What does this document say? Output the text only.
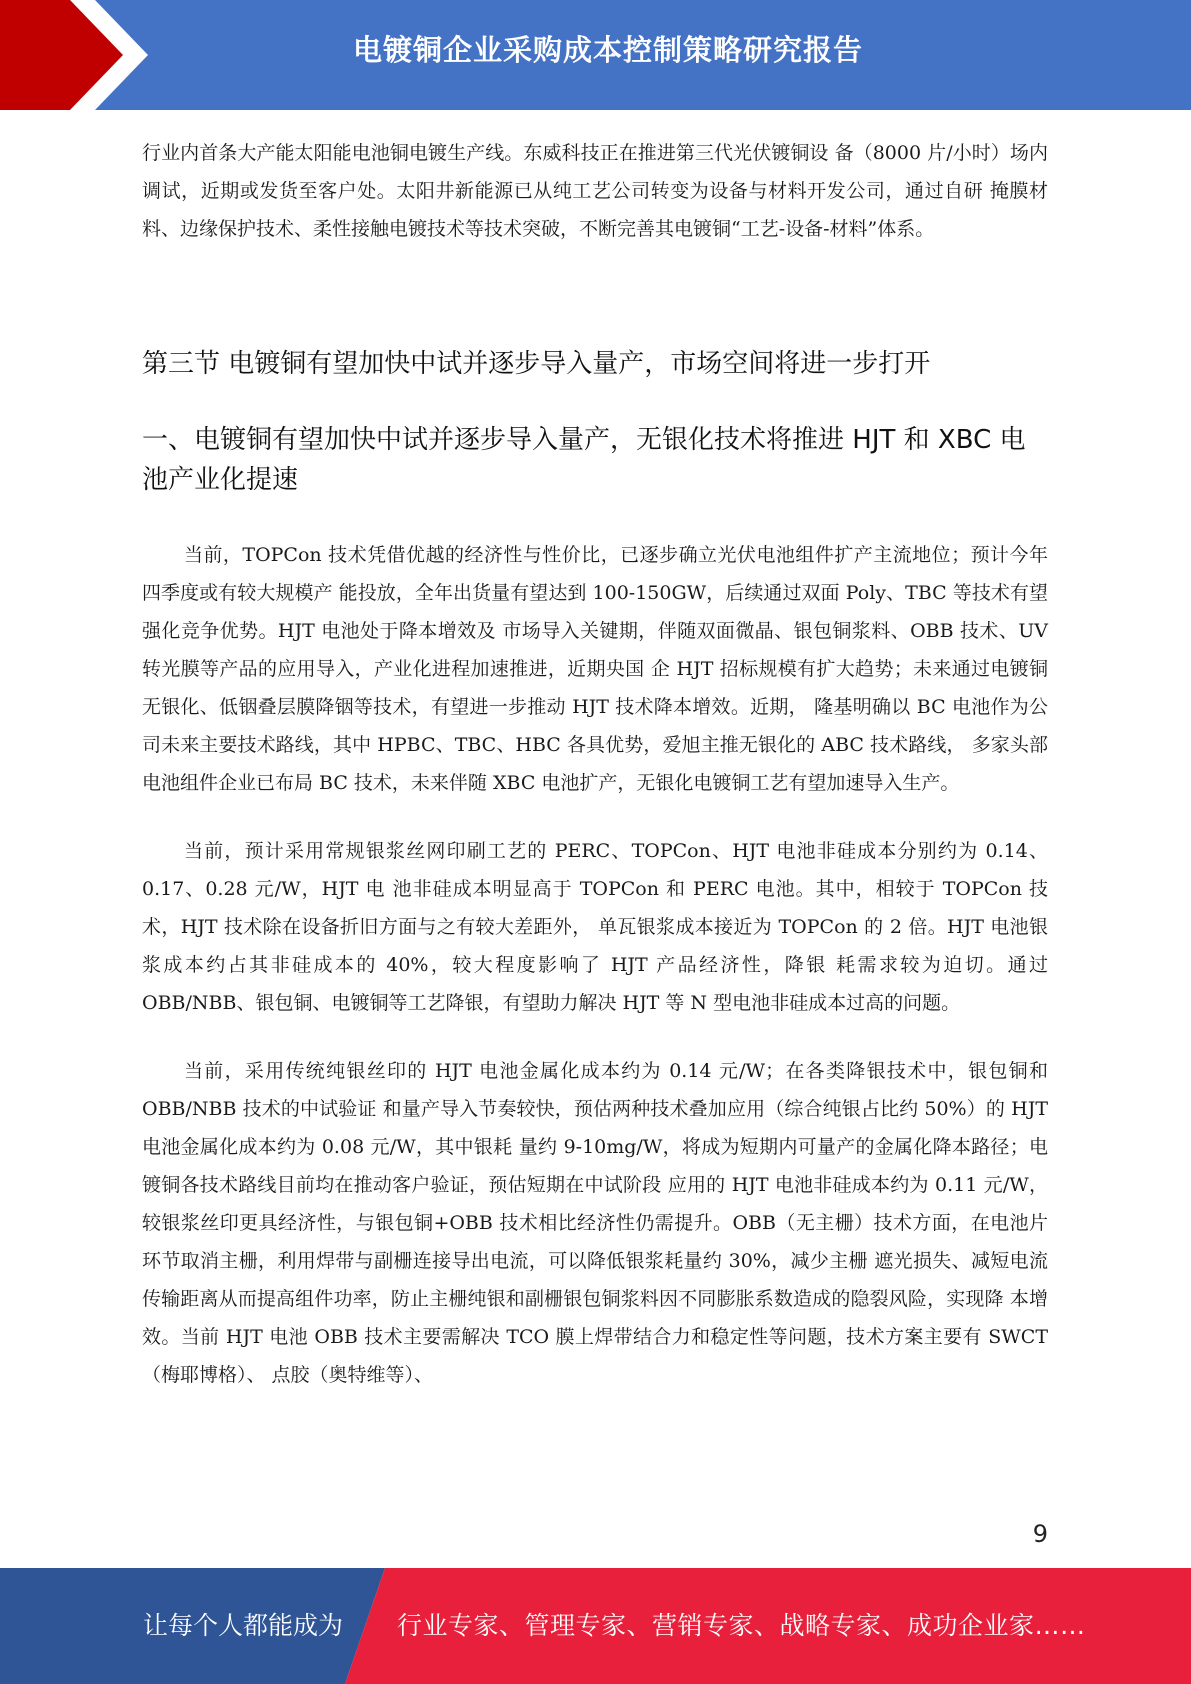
电镀铜企业采购成本控制策略研究报告

行业内首条大产能太阳能电池铜电镀生产线。东威科技正在推进第三代光伏镀铜设 备（8000 片/小时）场内调试，近期或发货至客户处。太阳井新能源已从纯工艺公司转变为设备与材料开发公司，通过自研 掩膜材料、边缘保护技术、柔性接触电镀技术等技术突破，不断完善其电镀铜“工艺-设备-材料”体系。

第三节 电镀铜有望加快中试并逐步导入量产，市场空间将进一步打开
一、电镀铜有望加快中试并逐步导入量产，无银化技术将推进 HJT 和 XBC 电池产业化提速

当前，TOPCon 技术凭借优越的经济性与性价比，已逐步确立光伏电池组件扩产主流地位；预计今年四季度或有较大规模产 能投放，全年出货量有望达到 100-150GW，后续通过双面 Poly、TBC 等技术有望强化竞争优势。HJT 电池处于降本增效及 市场导入关键期，伴随双面微晶、银包铜浆料、OBB 技术、UV 转光膜等产品的应用导入，产业化进程加速推进，近期央国 企 HJT 招标规模有扩大趋势；未来通过电镀铜无银化、低铟叠层膜降铟等技术，有望进一步推动 HJT 技术降本增效。近期， 隆基明确以 BC 电池作为公司未来主要技术路线，其中 HPBC、TBC、HBC 各具优势，爱旭主推无银化的 ABC 技术路线， 多家头部电池组件企业已布局 BC 技术，未来伴随 XBC 电池扩产，无银化电镀铜工艺有望加速导入生产。

当前，预计采用常规银浆丝网印刷工艺的 PERC、TOPCon、HJT 电池非硅成本分别约为 0.14、0.17、0.28 元/W，HJT 电 池非硅成本明显高于 TOPCon 和 PERC 电池。其中，相较于 TOPCon 技术，HJT 技术除在设备折旧方面与之有较大差距外， 单瓦银浆成本接近为 TOPCon 的 2 倍。HJT 电池银浆成本约占其非硅成本的 40%，较大程度影响了 HJT 产品经济性，降银 耗需求较为迫切。通过 OBB/NBB、银包铜、电镀铜等工艺降银，有望助力解决 HJT 等 N 型电池非硅成本过高的问题。

当前，采用传统纯银丝印的 HJT 电池金属化成本约为 0.14 元/W；在各类降银技术中，银包铜和 OBB/NBB 技术的中试验证 和量产导入节奏较快，预估两种技术叠加应用（综合纯银占比约 50%）的 HJT 电池金属化成本约为 0.08 元/W，其中银耗 量约 9-10mg/W，将成为短期内可量产的金属化降本路径；电镀铜各技术路线目前均在推动客户验证，预估短期在中试阶段 应用的 HJT 电池非硅成本约为 0.11 元/W，较银浆丝印更具经济性，与银包铜+OBB 技术相比经济性仍需提升。OBB（无主栅）技术方面，在电池片环节取消主栅，利用焊带与副栅连接导出电流，可以降低银浆耗量约 30%，减少主栅 遮光损失、减短电流传输距离从而提高组件功率，防止主栅纯银和副栅银包铜浆料因不同膨胀系数造成的隐裂风险，实现降 本增效。当前 HJT 电池 OBB 技术主要需解决 TCO 膜上焊带结合力和稳定性等问题，技术方案主要有 SWCT（梅耶博格）、 点胶（奥特维等）、

9
让每个人都能成为 行业专家、管理专家、营销专家、战略专家、成功企业家……
